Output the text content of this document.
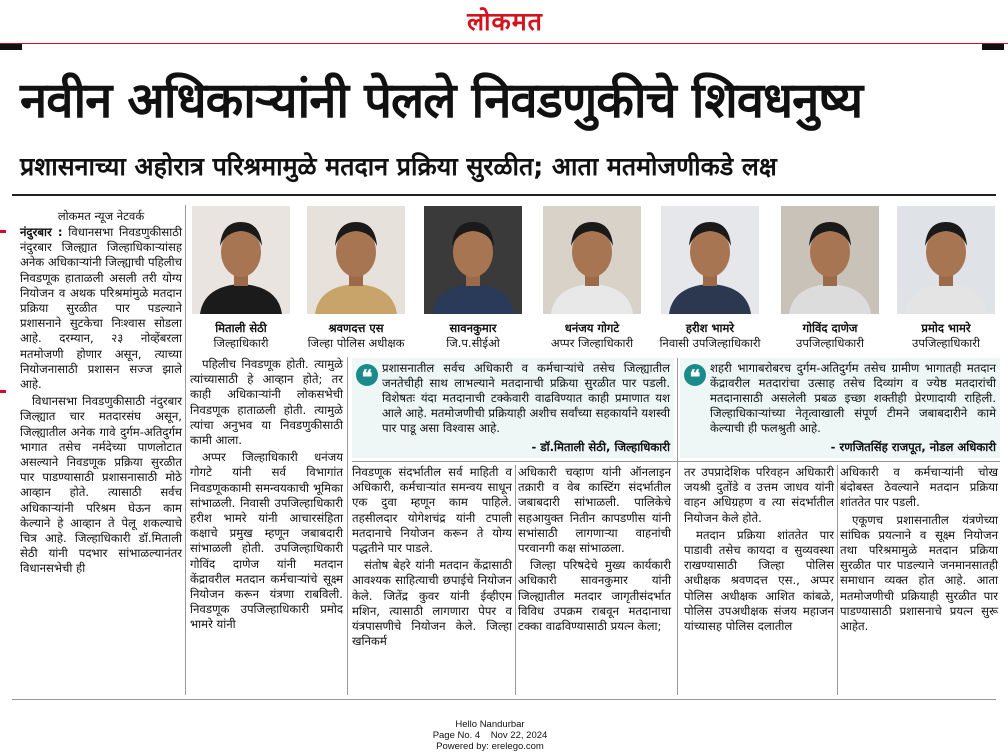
लोकमत
नवीन अधिकाऱ्यांनी पेलले निवडणुकीचे शिवधनुष्य
प्रशासनाच्या अहोरात्र परिश्रमामुळे मतदान प्रक्रिया सुरळीत; आता मतमोजणीकडे लक्ष
लोकमत न्यूज नेटवर्क

नंदुरबार : विधानसभा निवडणुकीसाठी नंदुरबार जिल्ह्यात जिल्हाधिकाऱ्यांसह अनेक अधिकाऱ्यांनी जिल्ह्याची पहिलीच निवडणूक हाताळली असली तरी योग्य नियोजन व अथक परिश्रमांमुळे मतदान प्रक्रिया सुरळीत पार पडल्याने प्रशासनाने सुटकेचा निःश्वास सोडला आहे. दरम्यान, २३ नोव्हेंबरला मतमोजणी होणार असून, त्याच्या नियोजनासाठी प्रशासन सज्ज झाले आहे.

विधानसभा निवडणुकीसाठी नंदुरबार जिल्ह्यात चार मतदारसंघ असून, जिल्ह्यातील अनेक गावे दुर्गम-अतिदुर्गम भागात तसेच नर्मदेच्या पाणलोटात असल्याने निवडणूक प्रक्रिया सुरळीत पार पाडण्यासाठी प्रशासनासाठी मोठे आव्हान होते. त्यासाठी सर्वच अधिकाऱ्यांनी परिश्रम घेऊन काम केल्याने हे आव्हान ते पेलू शकल्याचे चित्र आहे. जिल्हाधिकारी डॉ.मिताली सेठी यांनी पदभार सांभाळल्यानंतर विधानसभेची ही

मिताली सेठी
जिल्हाधिकारी
श्रवणदत्त एस
जिल्हा पोलिस अधीक्षक
सावनकुमार
जि.प.सीईओ
धनंजय गोगटे
अप्पर जिल्हाधिकारी
हरीश भामरे
निवासी उपजिल्हाधिकारी
गोविंद दाणेज
उपजिल्हाधिकारी
प्रमोद भामरे
उपजिल्हाधिकारी

पहिलीच निवडणूक होती. त्यामुळे त्यांच्यासाठी हे आव्हान होते; तर काही अधिकाऱ्यांनी लोकसभेची निवडणूक हाताळली होती. त्यामुळे त्यांचा अनुभव या निवडणुकीसाठी कामी आला.

अप्पर जिल्हाधिकारी धनंजय गोगटे यांनी सर्व विभागांत निवडणूककामी समन्वयकाची भूमिका सांभाळली. निवासी उपजिल्हाधिकारी हरीश भामरे यांनी आचारसंहिता कक्षाचे प्रमुख म्हणून जबाबदारी सांभाळली होती. उपजिल्हाधिकारी गोविंद दाणेज यांनी मतदान केंद्रावरील मतदान कर्मचाऱ्यांचे सूक्ष्म नियोजन करून यंत्रणा राबविली. निवडणूक उपजिल्हाधिकारी प्रमोद भामरे यांनी

❝ प्रशासनातील सर्वच अधिकारी व कर्मचाऱ्यांचे तसेच जिल्ह्यातील जनतेचीही साथ लाभल्याने मतदानाची प्रक्रिया सुरळीत पार पडली. विशेषतः यंदा मतदानाची टक्केवारी वाढविण्यात काही प्रमाणात यश आले आहे. मतमोजणीची प्रक्रियाही अशीच सर्वांच्या सहकार्याने यशस्वी पार पाडू असा विश्वास आहे.
- डॉ.मिताली सेठी, जिल्हाधिकारी
❝ शहरी भागाबरोबरच दुर्गम-अतिदुर्गम तसेच ग्रामीण भागातही मतदान केंद्रावरील मतदारांचा उत्साह तसेच दिव्यांग व ज्येष्ठ मतदारांची मतदानासाठी असलेली प्रबळ इच्छा शक्तीही प्रेरणादायी राहिली. जिल्हाधिकाऱ्यांच्या नेतृत्वाखाली संपूर्ण टीमने जबाबदारीने कामे केल्याची ही फलश्रुती आहे.
- रणजितसिंह राजपूत, नोडल अधिकारी

निवडणूक संदर्भातील सर्व माहिती व अधिकारी, कर्मचाऱ्यांत समन्वय साधून एक दुवा म्हणून काम पाहिले. तहसीलदार योगेशचंद्र यांनी टपाली मतदानाचे नियोजन करून ते योग्य पद्धतीने पार पाडले.

संतोष बेहरे यांनी मतदान केंद्रासाठी आवश्यक साहित्याची छपाईचे नियोजन केले. जितेंद्र कुवर यांनी ईव्हीएम मशिन, त्यासाठी लागणारा पेपर व यंत्रपासणीचे नियोजन केले. जिल्हा खनिकर्म

अधिकारी चव्हाण यांनी ऑनलाइन तक्रारी व वेब कास्टिंग संदर्भातील जबाबदारी सांभाळली. पालिकेचे सहआयुक्त नितीन कापडणीस यांनी सभांसाठी लागणाऱ्या वाहनांची परवानगी कक्ष सांभाळला.

जिल्हा परिषदेचे मुख्य कार्यकारी अधिकारी सावनकुमार यांनी जिल्ह्यातील मतदार जागृतीसंदर्भात विविध उपक्रम राबवून मतदानाचा टक्का वाढविण्यासाठी प्रयत्न केला;

तर उपप्रादेशिक परिवहन अधिकारी जयश्री दुतोंडे व उत्तम जाधव यांनी वाहन अधिग्रहण व त्या संदर्भातील नियोजन केले होते.

मतदान प्रक्रिया शांततेत पार पाडावी तसेच कायदा व सुव्यवस्था राखण्यासाठी जिल्हा पोलिस अधीक्षक श्रवणदत्त एस., अप्पर पोलिस अधीक्षक आशित कांबळे, पोलिस उपअधीक्षक संजय महाजन यांच्यासह पोलिस दलातील

अधिकारी व कर्मचाऱ्यांनी चोख बंदोबस्त ठेवल्याने मतदान प्रक्रिया शांततेत पार पडली.

एकूणच प्रशासनातील यंत्रणेच्या सांघिक प्रयत्नाने व सूक्ष्म नियोजन तथा परिश्रमामुळे मतदान प्रक्रिया सुरळीत पार पाडल्याने जनमानसातही समाधान व्यक्त होत आहे. आता मतमोजणीची प्रक्रियाही सुरळीत पार पाडण्यासाठी प्रशासनाचे प्रयत्न सुरू आहेत.

Hello Nandurbar
Page No. 4    Nov 22, 2024
Powered by: erelego.com
